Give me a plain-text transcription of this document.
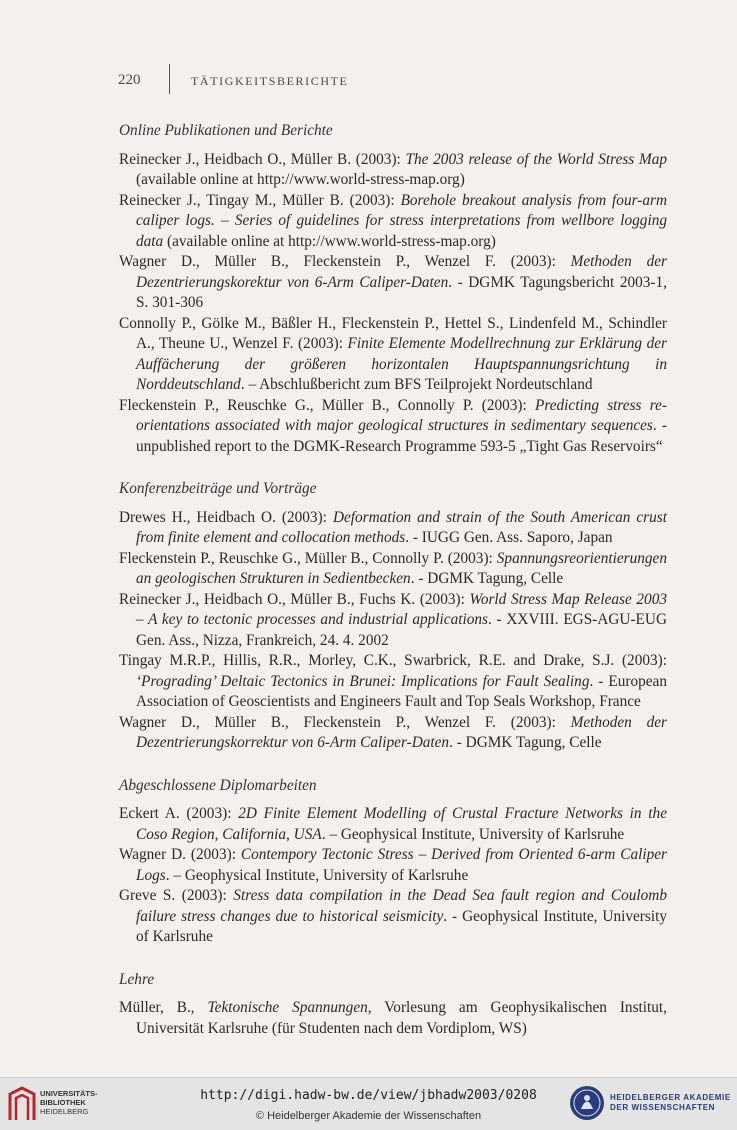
220	TÄTIGKEITSBERICHTE

Online Publikationen und Berichte

Reinecker J., Heidbach O., Müller B. (2003): The 2003 release of the World Stress Map (available online at http://www.world-stress-map.org)

Reinecker J., Tingay M., Müller B. (2003): Borehole breakout analysis from four-arm caliper logs. – Series of guidelines for stress interpretations from wellbore logging data (available online at http://www.world-stress-map.org)

Wagner D., Müller B., Fleckenstein P., Wenzel F. (2003): Methoden der Dezentrierungskorektur von 6-Arm Caliper-Daten. - DGMK Tagungsbericht 2003-1, S. 301-306

Connolly P., Gölke M., Bäßler H., Fleckenstein P., Hettel S., Lindenfeld M., Schindler A., Theune U., Wenzel F. (2003): Finite Elemente Modellrechnung zur Erklärung der Auffächerung der größeren horizontalen Hauptspannungsrichtung in Norddeutschland. – Abschlußbericht zum BFS Teilprojekt Nordeutschland

Fleckenstein P., Reuschke G., Müller B., Connolly P. (2003): Predicting stress re-orientations associated with major geological structures in sedimentary sequences. - unpublished report to the DGMK-Research Programme 593-5 „Tight Gas Reservoirs“

Konferenzbeiträge und Vorträge

Drewes H., Heidbach O. (2003): Deformation and strain of the South American crust from finite element and collocation methods. - IUGG Gen. Ass. Saporo, Japan

Fleckenstein P., Reuschke G., Müller B., Connolly P. (2003): Spannungsreorientierungen an geologischen Strukturen in Sedientbecken. - DGMK Tagung, Celle

Reinecker J., Heidbach O., Müller B., Fuchs K. (2003): World Stress Map Release 2003 – A key to tectonic processes and industrial applications. - XXVIII. EGS-AGU-EUG Gen. Ass., Nizza, Frankreich, 24. 4. 2002

Tingay M.R.P., Hillis, R.R., Morley, C.K., Swarbrick, R.E. and Drake, S.J. (2003): ‘Prograding’ Deltaic Tectonics in Brunei: Implications for Fault Sealing. - European Association of Geoscientists and Engineers Fault and Top Seals Workshop, France

Wagner D., Müller B., Fleckenstein P., Wenzel F. (2003): Methoden der Dezentrierungskorrektur von 6-Arm Caliper-Daten. - DGMK Tagung, Celle

Abgeschlossene Diplomarbeiten

Eckert A. (2003): 2D Finite Element Modelling of Crustal Fracture Networks in the Coso Region, California, USA. – Geophysical Institute, University of Karlsruhe

Wagner D. (2003): Contempory Tectonic Stress – Derived from Oriented 6-arm Caliper Logs. – Geophysical Institute, University of Karlsruhe

Greve S. (2003): Stress data compilation in the Dead Sea fault region and Coulomb failure stress changes due to historical seismicity. - Geophysical Institute, University of Karlsruhe

Lehre

Müller, B., Tektonische Spannungen, Vorlesung am Geophysikalischen Institut, Universität Karlsruhe (für Studenten nach dem Vordiplom, WS)

UNIVERSITÄTS-
BIBLIOTHEK
HEIDELBERG
http://digi.hadw-bw.de/view/jbhadw2003/0208
© Heidelberger Akademie der Wissenschaften
HEIDELBERGER AKADEMIE
DER WISSENSCHAFTEN
